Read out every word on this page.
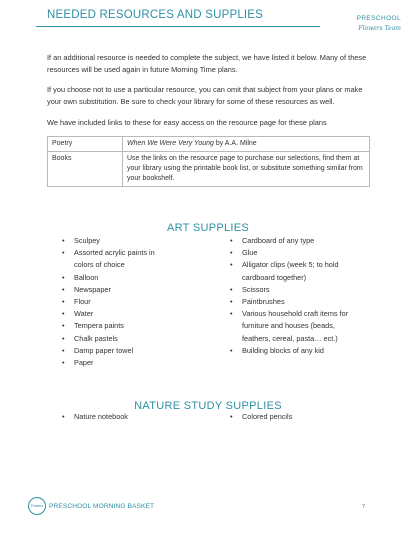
NEEDED RESOURCES AND SUPPLIES	PRESCHOOL
Flowers Team

If an additional resource is needed to complete the subject, we have listed it below. Many of these resources will be used again in future Morning Time plans.

If you choose not to use a particular resource, you can omit that subject from your plans or make your own substitution. Be sure to check your library for some of these resources as well.

We have included links to these for easy access on the resource page for these plans

Poetry	When We Were Very Young by A.A. Milne
Books	Use the links on the resource page to purchase our selections, find them at your library using the printable book list, or substitute something similar from your bookshelf.
ART SUPPLIES
• Sculpey
• Assorted acrylic paints in colors of choice
• Balloon
• Newspaper
• Flour
• Water
• Tempera paints
• Chalk pastels
• Damp paper towel
• Paper
• Cardboard of any type
• Glue
• Alligator clips (week 5; to hold cardboard together)
• Scissors
• Paintbrushes
• Various household craft items for furniture and houses (beads, feathers, cereal, pasta… ect.)
• Building blocks of any kid
NATURE STUDY SUPPLIES
• Nature notebook	• Colored pencils
Flowers PRESCHOOL MORNING BASKET	7
